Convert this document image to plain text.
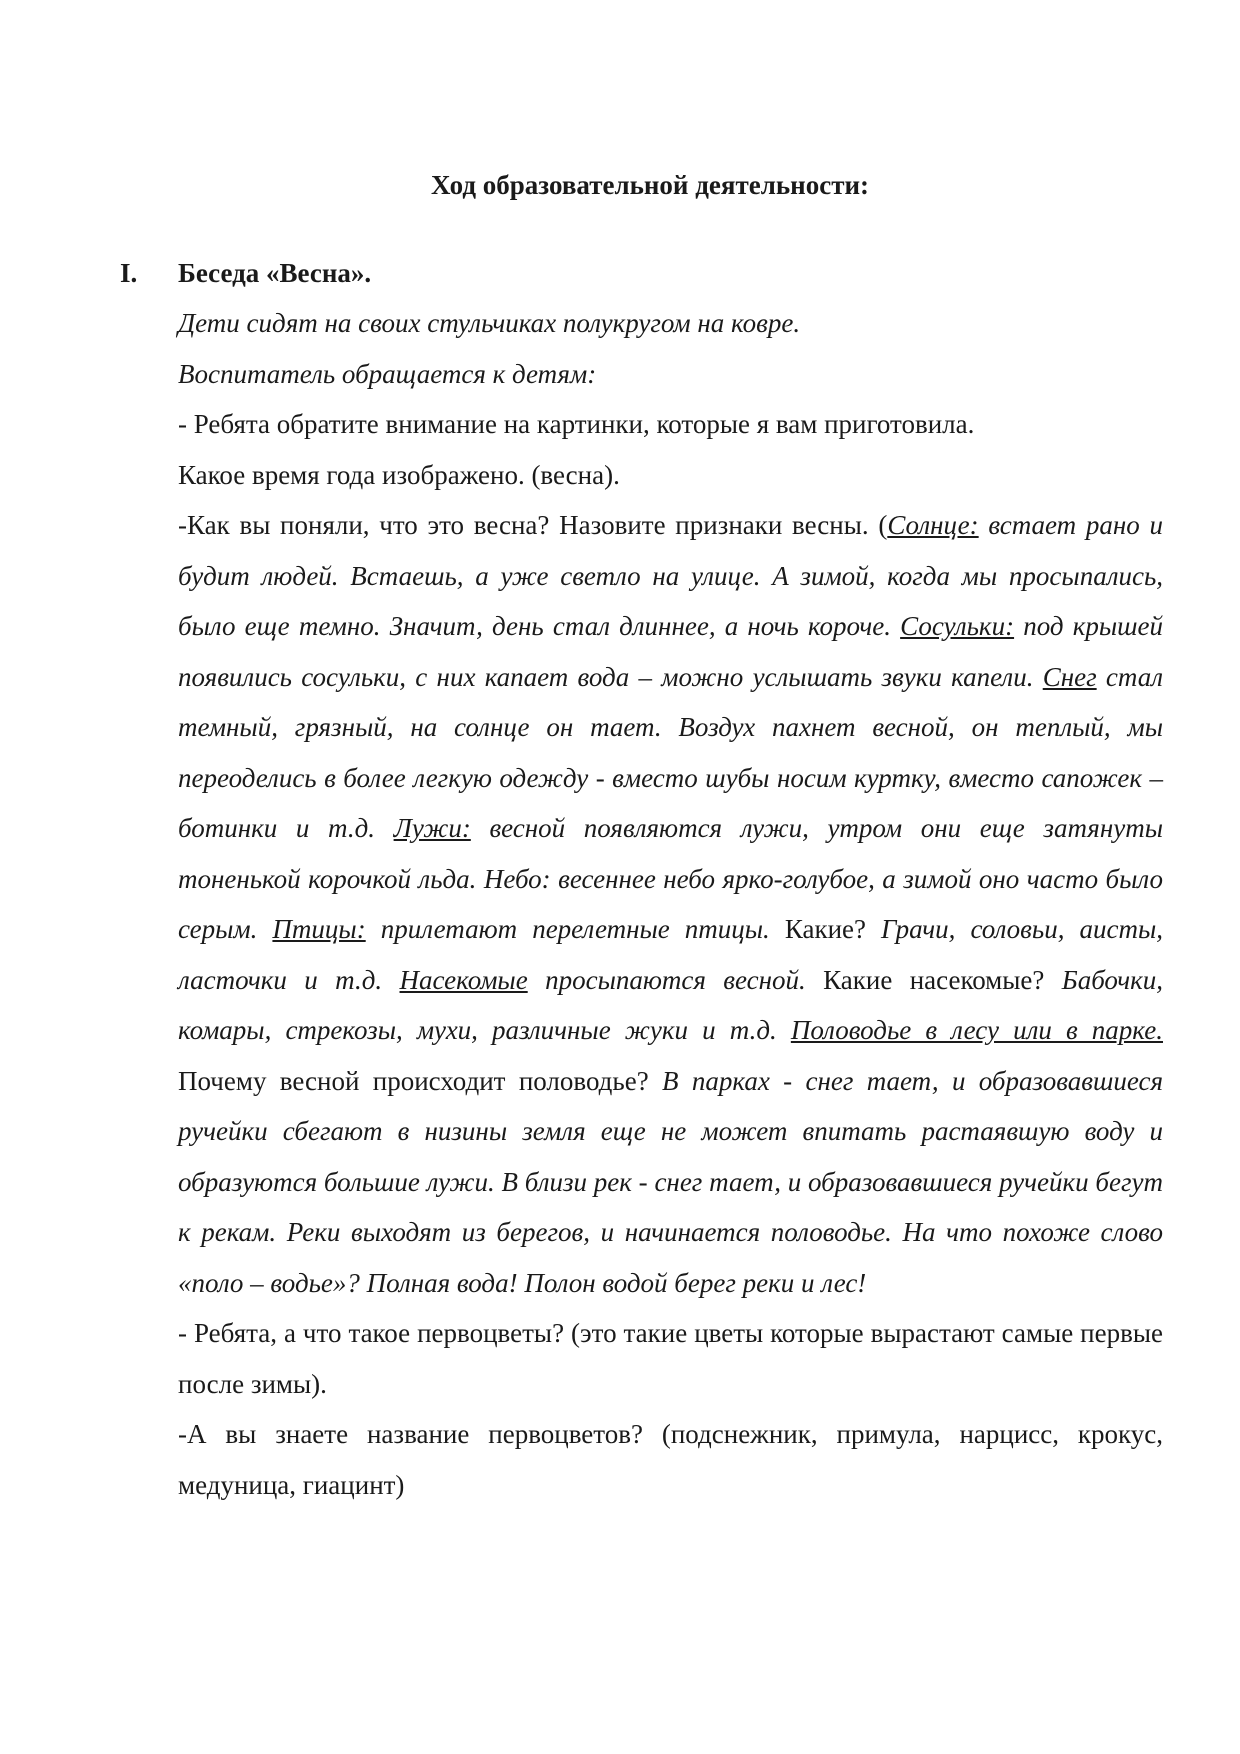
Ход образовательной деятельности:
I. Беседа «Весна».

Дети сидят на своих стульчиках полукругом на ковре.

Воспитатель обращается к детям:

- Ребята обратите внимание на картинки, которые я вам приготовила.

Какое время года изображено. (весна).

-Как вы поняли, что это весна? Назовите признаки весны. (Солнце: встает рано и будит людей. Встаешь, а уже светло на улице. А зимой, когда мы просыпались, было еще темно. Значит, день стал длиннее, а ночь короче. Сосульки: под крышей появились сосульки, с них капает вода – можно услышать звуки капели. Снег стал темный, грязный, на солнце он тает. Воздух пахнет весной, он теплый, мы переоделись в более легкую одежду - вместо шубы носим куртку, вместо сапожек – ботинки и т.д. Лужи: весной появляются лужи, утром они еще затянуты тоненькой корочкой льда. Небо: весеннее небо ярко-голубое, а зимой оно часто было серым. Птицы: прилетают перелетные птицы. Какие? Грачи, соловьи, аисты, ласточки и т.д. Насекомые просыпаются весной. Какие насекомые? Бабочки, комары, стрекозы, мухи, различные жуки и т.д. Половодье в лесу или в парке. Почему весной происходит половодье? В парках - снег тает, и образовавшиеся ручейки сбегают в низины земля еще не может впитать растаявшую воду и образуются большие лужи. В близи рек - снег тает, и образовавшиеся ручейки бегут к рекам. Реки выходят из берегов, и начинается половодье. На что похоже слово «поло – водье»? Полная вода! Полон водой берег реки и лес!

- Ребята, а что такое первоцветы? (это такие цветы которые вырастают самые первые после зимы).

-А вы знаете название первоцветов? (подснежник, примула, нарцисс, крокус, медуница, гиацинт)
